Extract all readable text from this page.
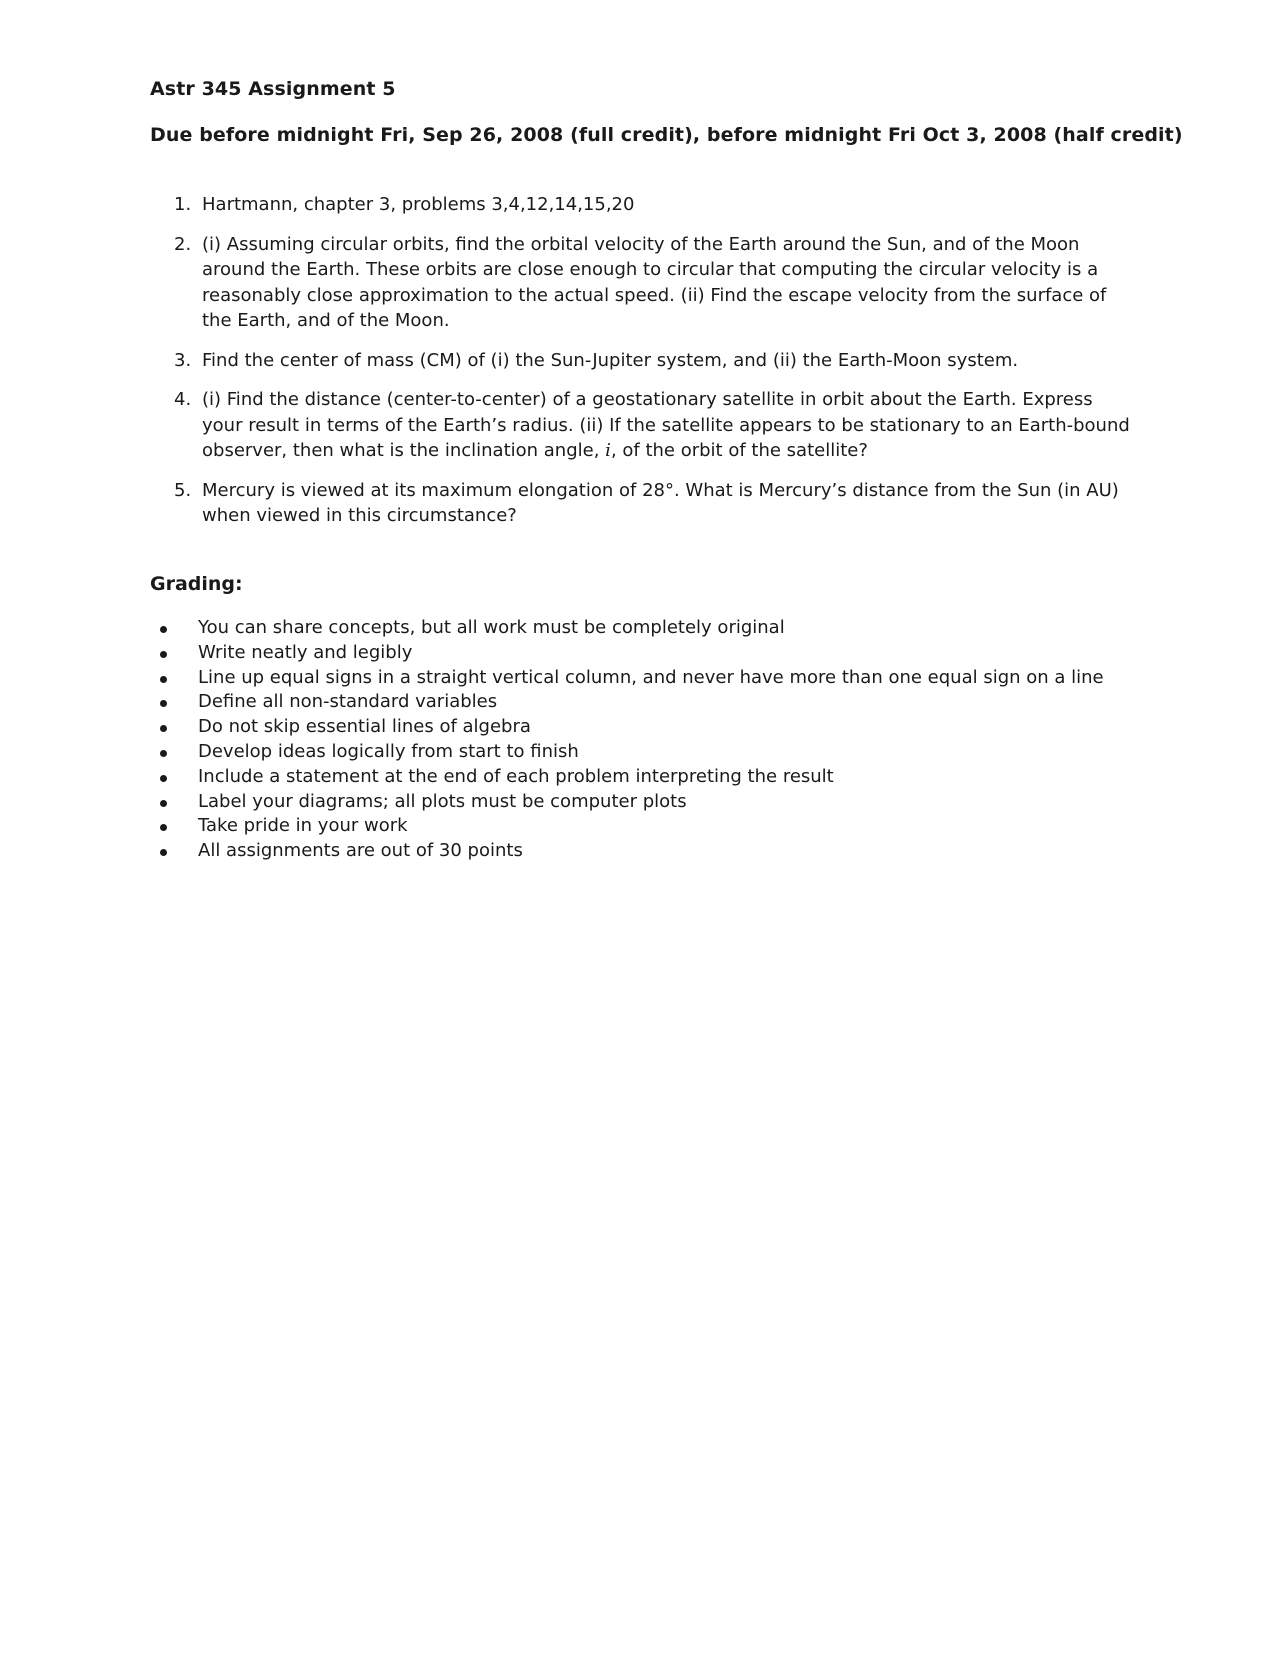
Astr 345 Assignment 5
Due before midnight Fri, Sep 26, 2008 (full credit), before midnight Fri Oct 3, 2008 (half credit)
1. Hartmann, chapter 3, problems 3,4,12,14,15,20
2. (i) Assuming circular orbits, find the orbital velocity of the Earth around the Sun, and of the Moon around the Earth. These orbits are close enough to circular that computing the circular velocity is a reasonably close approximation to the actual speed. (ii) Find the escape velocity from the surface of the Earth, and of the Moon.
3. Find the center of mass (CM) of (i) the Sun-Jupiter system, and (ii) the Earth-Moon system.
4. (i) Find the distance (center-to-center) of a geostationary satellite in orbit about the Earth. Express your result in terms of the Earth’s radius. (ii) If the satellite appears to be stationary to an Earth-bound observer, then what is the inclination angle, i, of the orbit of the satellite?
5. Mercury is viewed at its maximum elongation of 28°. What is Mercury’s distance from the Sun (in AU) when viewed in this circumstance?
Grading:
You can share concepts, but all work must be completely original
Write neatly and legibly
Line up equal signs in a straight vertical column, and never have more than one equal sign on a line
Define all non-standard variables
Do not skip essential lines of algebra
Develop ideas logically from start to finish
Include a statement at the end of each problem interpreting the result
Label your diagrams; all plots must be computer plots
Take pride in your work
All assignments are out of 30 points
